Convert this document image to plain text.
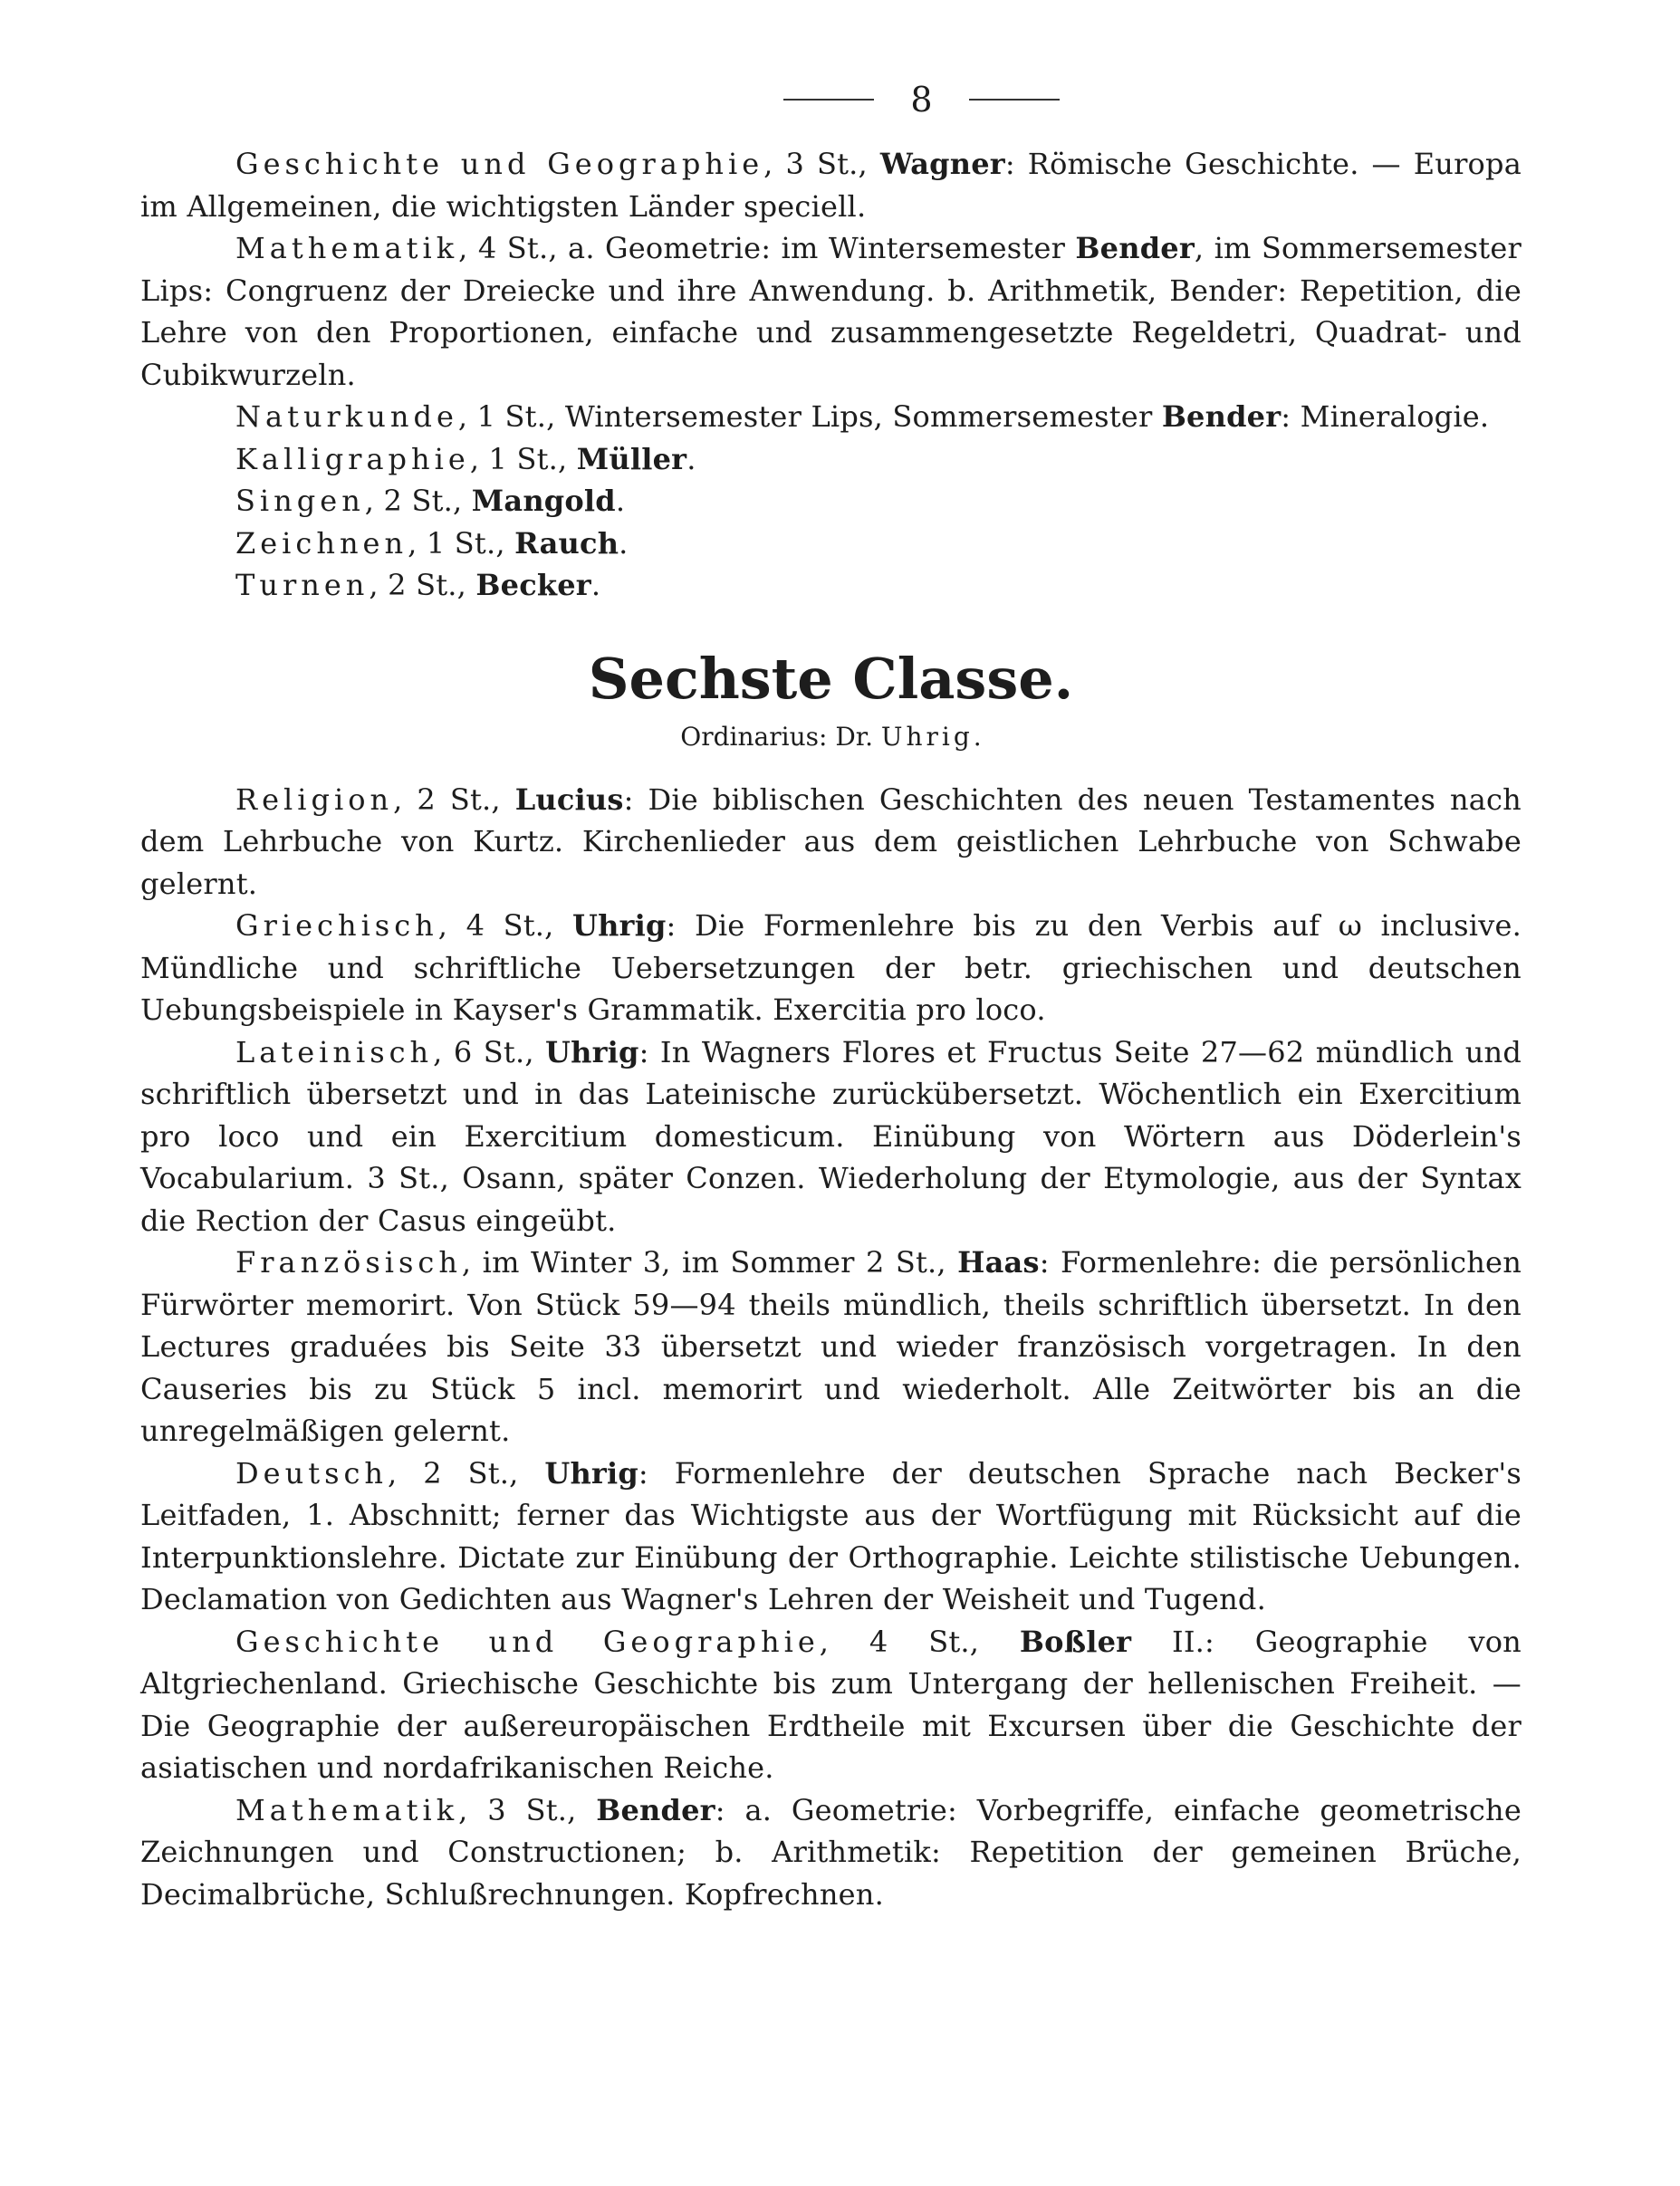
8

Geschichte und Geographie, 3 St., Wagner: Römische Geschichte. — Europa im Allgemeinen, die wichtigsten Länder speciell.

Mathematik, 4 St., a. Geometrie: im Wintersemester Bender, im Sommersemester Lips: Congruenz der Dreiecke und ihre Anwendung. b. Arithmetik, Bender: Repetition, die Lehre von den Proportionen, einfache und zusammengesetzte Regeldetri, Quadrat- und Cubikwurzeln.

Naturkunde, 1 St., Wintersemester Lips, Sommersemester Bender: Mineralogie.

Kalligraphie, 1 St., Müller.

Singen, 2 St., Mangold.

Zeichnen, 1 St., Rauch.

Turnen, 2 St., Becker.

Sechste Classe.
Ordinarius: Dr. Uhrig.

Religion, 2 St., Lucius: Die biblischen Geschichten des neuen Testamentes nach dem Lehrbuche von Kurtz. Kirchenlieder aus dem geistlichen Lehrbuche von Schwabe gelernt.

Griechisch, 4 St., Uhrig: Die Formenlehre bis zu den Verbis auf ω inclusive. Mündliche und schriftliche Uebersetzungen der betr. griechischen und deutschen Uebungsbeispiele in Kayser's Grammatik. Exercitia pro loco.

Lateinisch, 6 St., Uhrig: In Wagners Flores et Fructus Seite 27—62 mündlich und schriftlich übersetzt und in das Lateinische zurückübersetzt. Wöchentlich ein Exercitium pro loco und ein Exercitium domesticum. Einübung von Wörtern aus Döderlein's Vocabularium. 3 St., Osann, später Conzen. Wiederholung der Etymologie, aus der Syntax die Rection der Casus eingeübt.

Französisch, im Winter 3, im Sommer 2 St., Haas: Formenlehre: die persönlichen Fürwörter memorirt. Von Stück 59—94 theils mündlich, theils schriftlich übersetzt. In den Lectures graduées bis Seite 33 übersetzt und wieder französisch vorgetragen. In den Causeries bis zu Stück 5 incl. memorirt und wiederholt. Alle Zeitwörter bis an die unregelmäßigen gelernt.

Deutsch, 2 St., Uhrig: Formenlehre der deutschen Sprache nach Becker's Leitfaden, 1. Abschnitt; ferner das Wichtigste aus der Wortfügung mit Rücksicht auf die Interpunktionslehre. Dictate zur Einübung der Orthographie. Leichte stilistische Uebungen. Declamation von Gedichten aus Wagner's Lehren der Weisheit und Tugend.

Geschichte und Geographie, 4 St., Boßler II.: Geographie von Altgriechenland. Griechische Geschichte bis zum Untergang der hellenischen Freiheit. — Die Geographie der außereuropäischen Erdtheile mit Excursen über die Geschichte der asiatischen und nordafrikanischen Reiche.

Mathematik, 3 St., Bender: a. Geometrie: Vorbegriffe, einfache geometrische Zeichnungen und Constructionen; b. Arithmetik: Repetition der gemeinen Brüche, Decimalbrüche, Schlußrechnungen. Kopfrechnen.
